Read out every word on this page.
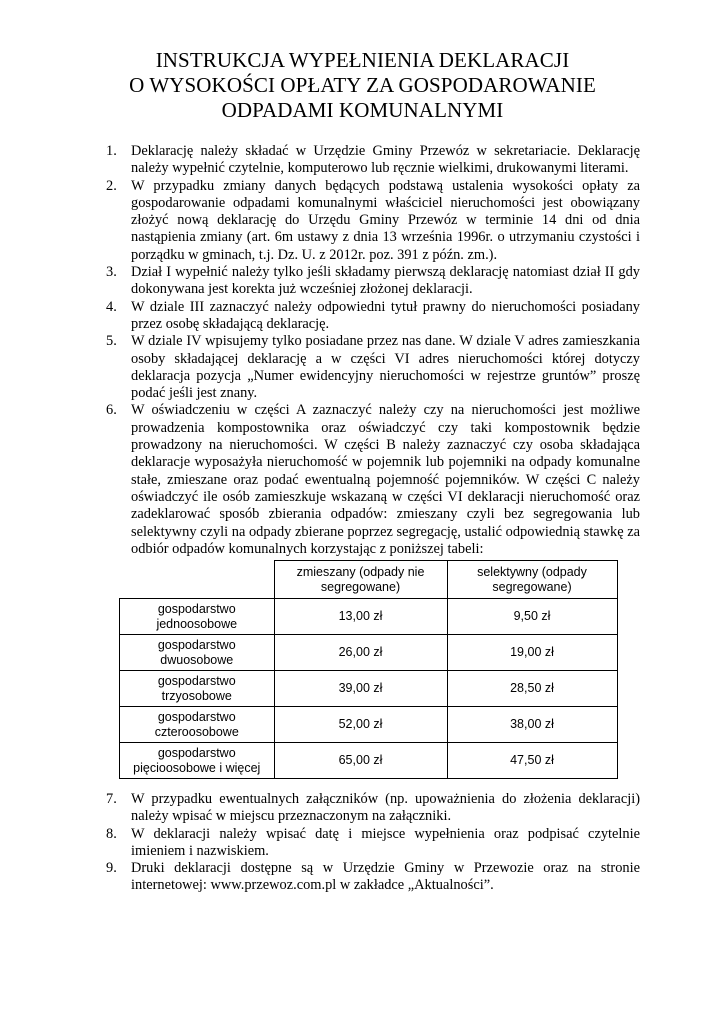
INSTRUKCJA WYPEŁNIENIA DEKLARACJI
O WYSOKOŚCI OPŁATY ZA GOSPODAROWANIE
ODPADAMI KOMUNALNYMI
1. Deklarację należy składać w Urzędzie Gminy Przewóz w sekretariacie. Deklarację należy wypełnić czytelnie, komputerowo lub ręcznie wielkimi, drukowanymi literami.
2. W przypadku zmiany danych będących podstawą ustalenia wysokości opłaty za gospodarowanie odpadami komunalnymi właściciel nieruchomości jest obowiązany złożyć nową deklarację do Urzędu Gminy Przewóz w terminie 14 dni od dnia nastąpienia zmiany (art. 6m ustawy z dnia 13 września 1996r. o utrzymaniu czystości i porządku w gminach, t.j. Dz. U. z 2012r. poz. 391 z późn. zm.).
3. Dział I wypełnić należy tylko jeśli składamy pierwszą deklarację natomiast dział II gdy dokonywana jest korekta już wcześniej złożonej deklaracji.
4. W dziale III zaznaczyć należy odpowiedni tytuł prawny do nieruchomości posiadany przez osobę składającą deklarację.
5. W dziale IV wpisujemy tylko posiadane przez nas dane. W dziale V adres zamieszkania osoby składającej deklarację a w części VI adres nieruchomości której dotyczy deklaracja pozycja „Numer ewidencyjny nieruchomości w rejestrze gruntów” proszę podać jeśli jest znany.
6. W oświadczeniu w części A zaznaczyć należy czy na nieruchomości jest możliwe prowadzenia kompostownika oraz oświadczyć czy taki kompostownik będzie prowadzony na nieruchomości. W części B należy zaznaczyć czy osoba składająca deklaracje wyposażyła nieruchomość w pojemnik lub pojemniki na odpady komunalne stałe, zmieszane oraz podać ewentualną pojemność pojemników. W części C należy oświadczyć ile osób zamieszkuje wskazaną w części VI deklaracji nieruchomość oraz zadeklarować sposób zbierania odpadów: zmieszany czyli bez segregowania lub selektywny czyli na odpady zbierane poprzez segregację, ustalić odpowiednią stawkę za odbiór odpadów komunalnych korzystając z poniższej tabeli:
	zmieszany (odpady nie segregowane)	selektywny (odpady segregowane)
gospodarstwo jednoosobowe	13,00 zł	9,50 zł
gospodarstwo dwuosobowe	26,00 zł	19,00 zł
gospodarstwo trzyosobowe	39,00 zł	28,50 zł
gospodarstwo czteroosobowe	52,00 zł	38,00 zł
gospodarstwo pięcioosobowe i więcej	65,00 zł	47,50 zł
7. W przypadku ewentualnych załączników (np. upoważnienia do złożenia deklaracji) należy wpisać w miejscu przeznaczonym na załączniki.
8. W deklaracji należy wpisać datę i miejsce wypełnienia oraz podpisać czytelnie imieniem i nazwiskiem.
9. Druki deklaracji dostępne są w Urzędzie Gminy w Przewozie oraz na stronie internetowej: www.przewoz.com.pl w zakładce „Aktualności”.
